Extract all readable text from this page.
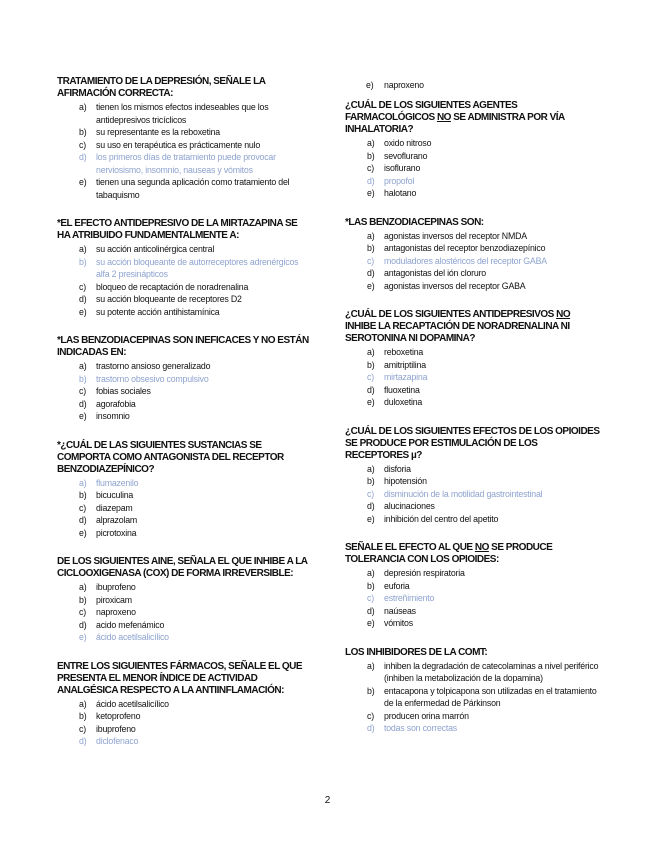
e) naproxeno
TRATAMIENTO DE LA DEPRESIÓN, SEÑALE LA AFIRMACIÓN CORRECTA:
a) tienen los mismos efectos indeseables que los antidepresivos tricíclicos
b) su representante es la reboxetina
c) su uso en terapéutica es prácticamente nulo
d) los primeros días de tratamiento puede provocar nerviosismo, insomnio, nauseas y vómitos
e) tienen una segunda aplicación como tratamiento del tabaquismo
*EL EFECTO ANTIDEPRESIVO DE LA MIRTAZAPINA SE HA ATRIBUIDO FUNDAMENTALMENTE A:
a) su acción anticolinérgica central
b) su acción bloqueante de autorreceptores adrenérgicos alfa 2 presinápticos
c) bloqueo de recaptación de noradrenalina
d) su acción bloqueante de receptores D2
e) su potente acción antihistamínica
*LAS BENZODIACEPINAS SON INEFICACES Y NO ESTÁN INDICADAS EN:
a) trastorno ansioso generalizado
b) trastorno obsesivo compulsivo
c) fobias sociales
d) agorafobia
e) insomnio
*¿CUÁL DE LAS SIGUIENTES SUSTANCIAS SE COMPORTA COMO ANTAGONISTA DEL RECEPTOR BENZODIAZEPÍNICO?
a) flumazenilo
b) bicuculina
c) diazepam
d) alprazolam
e) picrotoxina
DE LOS SIGUIENTES AINE, SEÑALA EL QUE INHIBE A LA CICLOOXIGENASA (COX) DE FORMA IRREVERSIBLE:
a) ibuprofeno
b) piroxicam
c) naproxeno
d) acido mefenámico
e) ácido acetilsalicílico
ENTRE LOS SIGUIENTES FÁRMACOS, SEÑALE EL QUE PRESENTA EL MENOR ÍNDICE DE ACTIVIDAD ANALGÉSICA RESPECTO A LA ANTIINFLAMACIÓN:
a) ácido acetilsalicílico
b) ketoprofeno
c) ibuprofeno
d) diclofenaco
¿CUÁL DE LOS SIGUIENTES AGENTES FARMACOLÓGICOS NO SE ADMINISTRA POR VÍA INHALATORIA?
a) oxido nitroso
b) sevoflurano
c) isoflurano
d) propofol
e) halotano
*LAS BENZODIACEPINAS SON:
a) agonistas inversos del receptor NMDA
b) antagonistas del receptor benzodiazepínico
c) moduladores alostéricos del receptor GABA
d) antagonistas del ión cloruro
e) agonistas inversos del receptor GABA
¿CUÁL DE LOS SIGUIENTES ANTIDEPRESIVOS NO INHIBE LA RECAPTACIÓN DE NORADRENALINA NI SEROTONINA NI DOPAMINA?
a) reboxetina
b) amitriptilina
c) mirtazapina
d) fluoxetina
e) duloxetina
¿CUÁL DE LOS SIGUIENTES EFECTOS DE LOS OPIOIDES SE PRODUCE POR ESTIMULACIÓN DE LOS RECEPTORES µ?
a) disforia
b) hipotensión
c) disminución de la motilidad gastrointestinal
d) alucinaciones
e) inhibición del centro del apetito
SEÑALE EL EFECTO AL QUE NO SE PRODUCE TOLERANCIA CON LOS OPIOIDES:
a) depresión respiratoria
b) euforia
c) estreñimiento
d) naúseas
e) vómitos
LOS INHIBIDORES DE LA COMT:
a) inhiben la degradación de catecolaminas a nivel periférico (inhiben la metabolización de la dopamina)
b) entacapona y tolpicapona son utilizadas en el tratamiento de la enfermedad de Párkinson
c) producen orina marrón
d) todas son correctas
2
